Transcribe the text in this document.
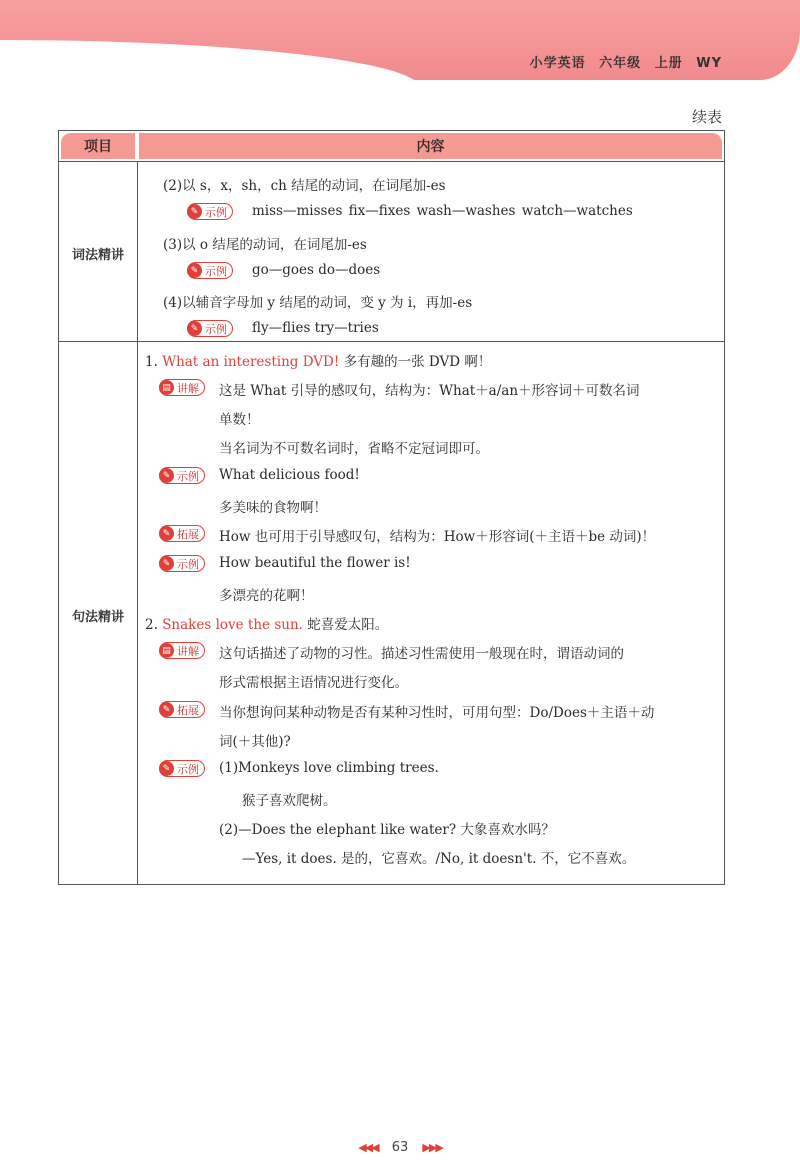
小学英语 六年级 上册 WY
续表
项目	内容
词法精讲
句法精讲
(2)以 s，x，sh，ch 结尾的动词，在词尾加-es
✎ 示例 miss—misses fix—fixes wash—washes watch—watches
(3)以 o 结尾的动词，在词尾加-es
✎ 示例 go—goes do—does
(4)以辅音字母加 y 结尾的动词，变 y 为 i，再加-es
✎ 示例 fly—flies try—tries
1. What an interesting DVD! 多有趣的一张 DVD 啊！
▤ 讲解 这是 What 引导的感叹句，结构为：What＋a/an＋形容词＋可数名词
单数！
当名词为不可数名词时，省略不定冠词即可。
✎ 示例 What delicious food!
多美味的食物啊！
✎ 拓展 How 也可用于引导感叹句，结构为：How＋形容词(＋主语＋be 动词)！
✎ 示例 How beautiful the flower is!
多漂亮的花啊！
2. Snakes love the sun. 蛇喜爱太阳。
▤ 讲解 这句话描述了动物的习性。描述习性需使用一般现在时，谓语动词的
形式需根据主语情况进行变化。
✎ 拓展 当你想询问某种动物是否有某种习性时，可用句型：Do/Does＋主语＋动
词(＋其他)?
✎ 示例 (1)Monkeys love climbing trees.
猴子喜欢爬树。
(2)—Does the elephant like water? 大象喜欢水吗？
—Yes, it does. 是的，它喜欢。/No, it doesn't. 不，它不喜欢。
◀◀◀ 63 ▶▶▶
